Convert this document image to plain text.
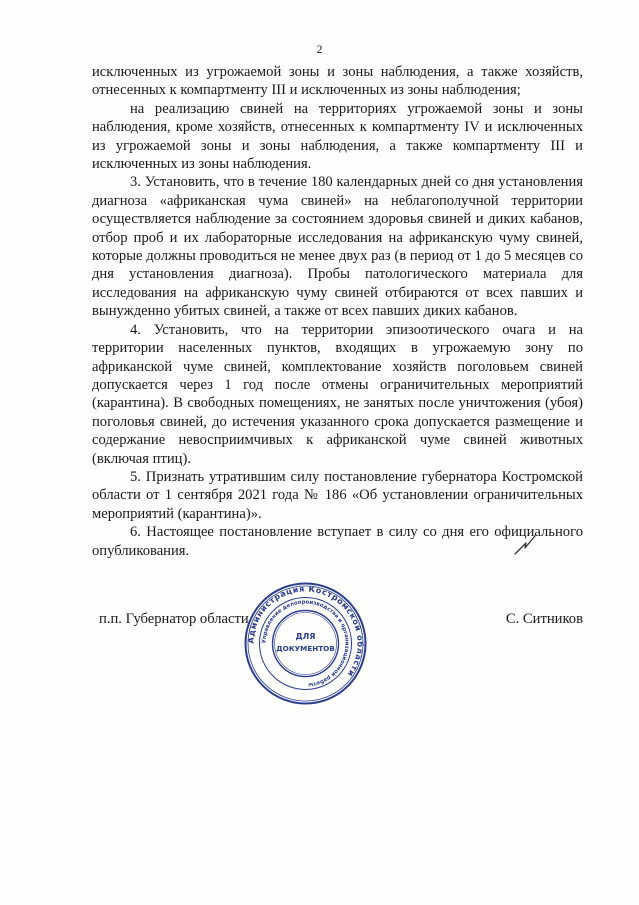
2

исключенных из угрожаемой зоны и зоны наблюдения, а также хозяйств, отнесенных к компартменту III и исключенных из зоны наблюдения;

на реализацию свиней на территориях угрожаемой зоны и зоны наблюдения, кроме хозяйств, отнесенных к компартменту IV и исключенных из угрожаемой зоны и зоны наблюдения, а также компартменту III и исключенных из зоны наблюдения.

3. Установить, что в течение 180 календарных дней со дня установления диагноза «африканская чума свиней» на неблагополучной территории осуществляется наблюдение за состоянием здоровья свиней и диких кабанов, отбор проб и их лабораторные исследования на африканскую чуму свиней, которые должны проводиться не менее двух раз (в период от 1 до 5 месяцев со дня установления диагноза). Пробы патологического материала для исследования на африканскую чуму свиней отбираются от всех павших и вынужденно убитых свиней, а также от всех павших диких кабанов.

4. Установить, что на территории эпизоотического очага и на территории населенных пунктов, входящих в угрожаемую зону по африканской чуме свиней, комплектование хозяйств поголовьем свиней допускается через 1 год после отмены ограничительных мероприятий (карантина). В свободных помещениях, не занятых после уничтожения (убоя) поголовья свиней, до истечения указанного срока допускается размещение и содержание невосприимчивых к африканской чуме свиней животных (включая птиц).

5. Признать утратившим силу постановление губернатора Костромской области от 1 сентября 2021 года № 186 «Об установлении ограничительных мероприятий (карантина)».

6. Настоящее постановление вступает в силу со дня его официального опубликования.

п.п. Губернатор области	С. Ситников
Администрация Костромской области
Управление делопроизводства и организационной работы
ДЛЯ
ДОКУМЕНТОВ
